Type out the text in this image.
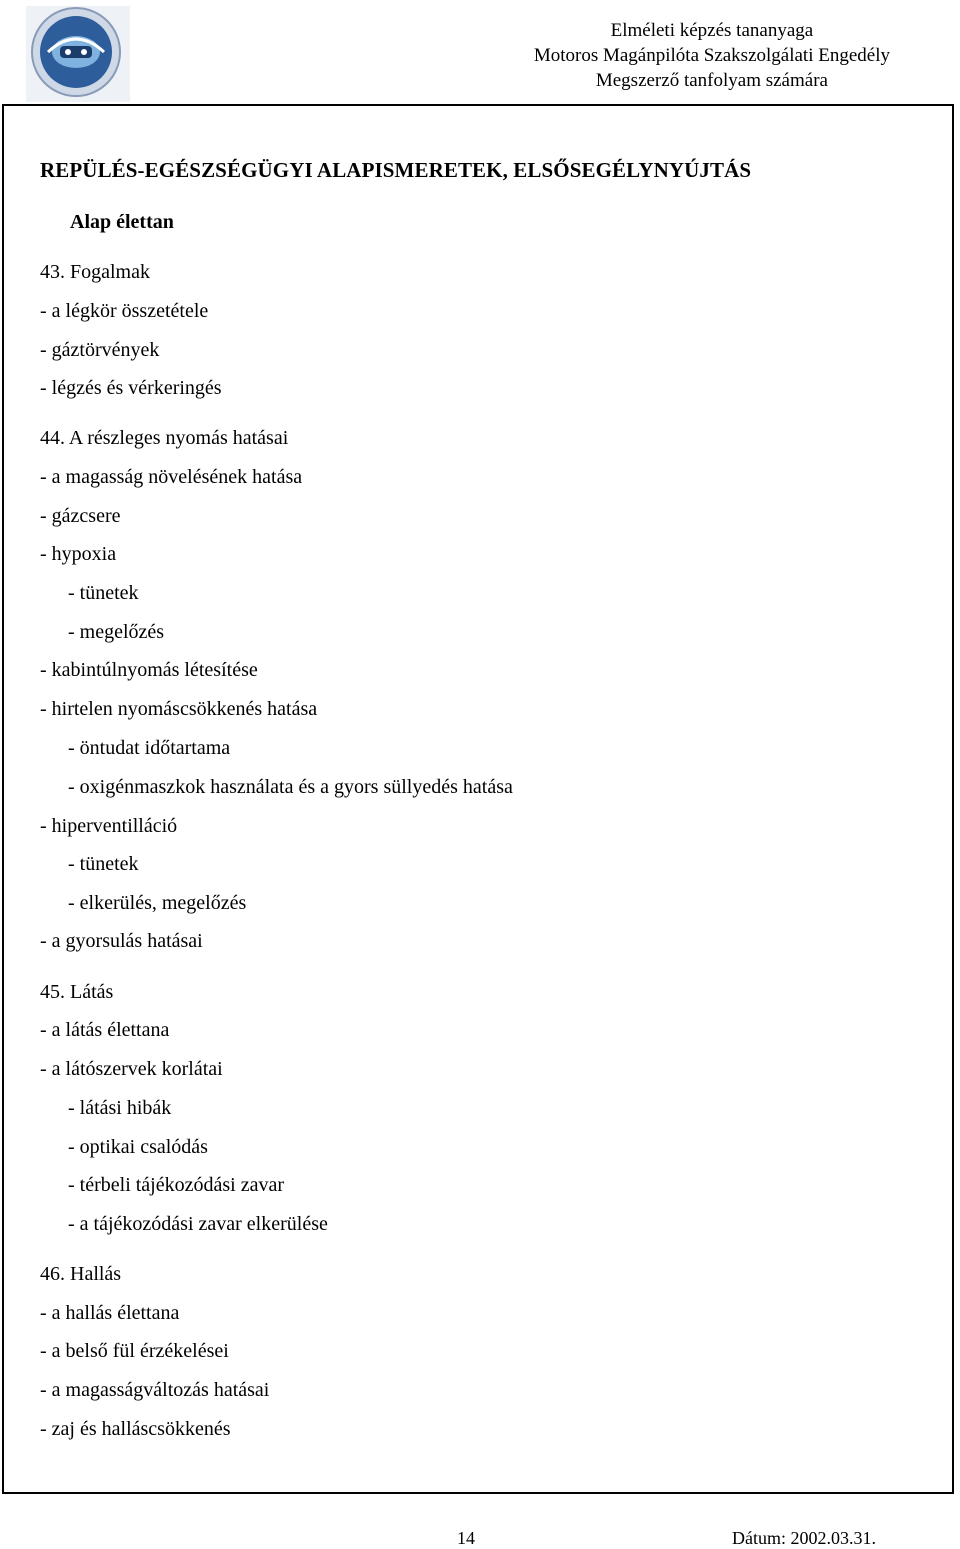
Elméleti képzés tananyaga
Motoros Magánpilóta Szakszolgálati Engedély
Megszerző tanfolyam számára
REPÜLÉS-EGÉSZSÉGÜGYI ALAPISMERETEK, ELSŐSEGÉLYNYÚJTÁS
Alap élettan
43. Fogalmak
- a légkör összetétele
- gáztörvények
- légzés és vérkeringés
44. A részleges nyomás hatásai
- a magasság növelésének hatása
- gázcsere
- hypoxia
- tünetek
- megelőzés
- kabintúlnyomás létesítése
- hirtelen nyomáscsökkenés hatása
- öntudat időtartama
- oxigénmaszkok használata és a gyors süllyedés hatása
- hiperventilláció
- tünetek
- elkerülés, megelőzés
- a gyorsulás hatásai
45. Látás
- a látás élettana
- a látószervek korlátai
- látási hibák
- optikai csalódás
- térbeli tájékozódási zavar
- a tájékozódási zavar elkerülése
46. Hallás
- a hallás élettana
- a belső fül érzékelései
- a magasságváltozás hatásai
- zaj és halláscsökkenés
14	Dátum: 2002.03.31.
